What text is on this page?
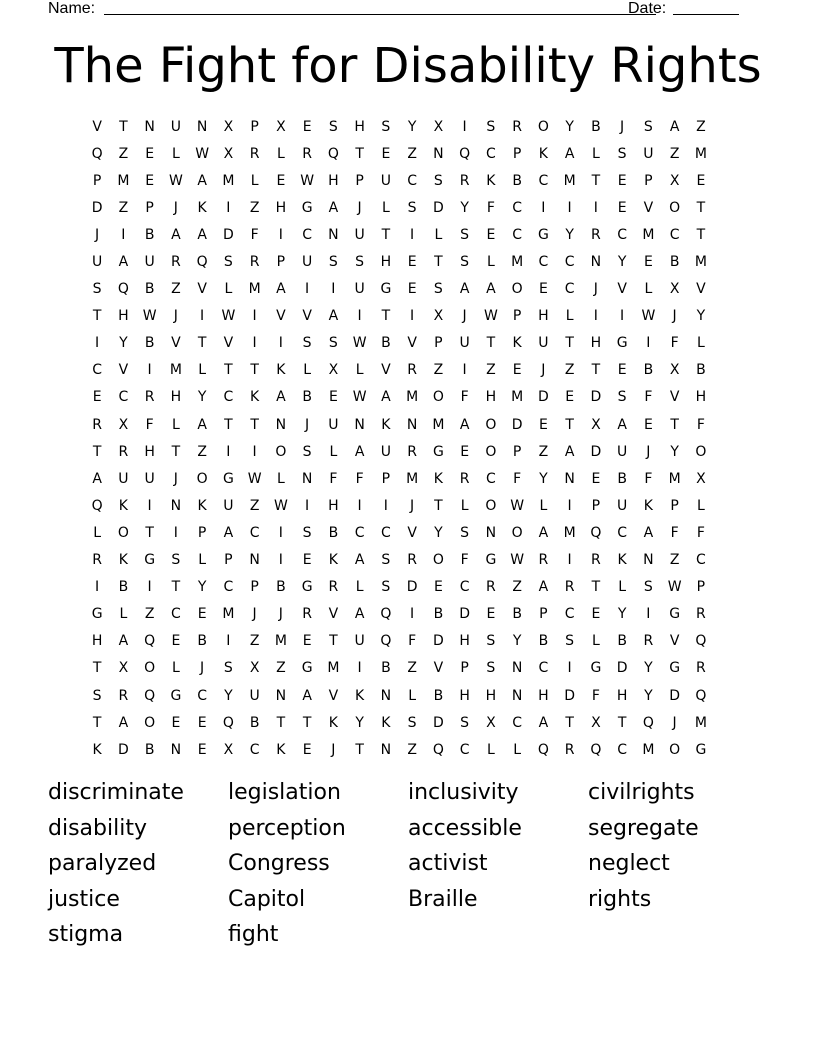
Name:	Date:
The Fight for Disability Rights
V	T	N	U	N	X	P	X	E	S	H	S	Y	X	I	S	R	O	Y	B	J	S	A	Z
Q	Z	E	L	W	X	R	L	R	Q	T	E	Z	N	Q	C	P	K	A	L	S	U	Z	M
P	M	E	W	A	M	L	E	W	H	P	U	C	S	R	K	B	C	M	T	E	P	X	E
D	Z	P	J	K	I	Z	H	G	A	J	L	S	D	Y	F	C	I	I	I	E	V	O	T
J	I	B	A	A	D	F	I	C	N	U	T	I	L	S	E	C	G	Y	R	C	M	C	T
U	A	U	R	Q	S	R	P	U	S	S	H	E	T	S	L	M	C	C	N	Y	E	B	M
S	Q	B	Z	V	L	M	A	I	I	U	G	E	S	A	A	O	E	C	J	V	L	X	V
T	H	W	J	I	W	I	V	V	A	I	T	I	X	J	W	P	H	L	I	I	W	J	Y
I	Y	B	V	T	V	I	I	S	S	W	B	V	P	U	T	K	U	T	H	G	I	F	L
C	V	I	M	L	T	T	K	L	X	L	V	R	Z	I	Z	E	J	Z	T	E	B	X	B
E	C	R	H	Y	C	K	A	B	E	W	A	M	O	F	H	M	D	E	D	S	F	V	H
R	X	F	L	A	T	T	N	J	U	N	K	N	M	A	O	D	E	T	X	A	E	T	F
T	R	H	T	Z	I	I	O	S	L	A	U	R	G	E	O	P	Z	A	D	U	J	Y	O
A	U	U	J	O	G W	L	N	F	F	P	M	K	R	C	F	Y	N	E	B	F	M	X
Q	K	I	N	K	U	Z	W	I	H	I	I	J	T	L	O W	L	I	P	U	K	P	L
L	O	T	I	P	A	C	I	S	B	C	C	V	Y	S	N	O	A	M	Q	C	A	F	F
R	K	G	S	L	P	N	I	E	K	A	S	R	O	F	G W	R	I	R	K	N	Z	C
I	B	I	T	Y	C	P	B	G	R	L	S	D	E	C	R	Z	A	R	T	L	S	W	P
G	L	Z	C	E	M	J	J	R	V	A	Q	I	B	D	E	B	P	C	E	Y	I	G	R
H	A	Q	E	B	I	Z	M	E	T	U	Q	F	D	H	S	Y	B	S	L	B	R	V	Q
T	X	O	L	J	S	X	Z	G	M	I	B	Z	V	P	S	N	C	I	G	D	Y	G	R
S	R	Q	G	C	Y	U	N	A	V	K	N	L	B	H	H	N	H	D	F	H	Y	D	Q
T	A	O	E	E	Q	B	T	T	K	Y	K	S	D	S	X	C	A	T	X	T	Q	J	M
K	D	B	N	E	X	C	K	E	J	T	N	Z	Q	C	L	L	Q	R	Q	C	M	O	G
discriminate	legislation	inclusivity	civilrights
disability	perception	accessible	segregate
paralyzed	Congress	activist	neglect
justice	Capitol	Braille	rights
stigma	fight
